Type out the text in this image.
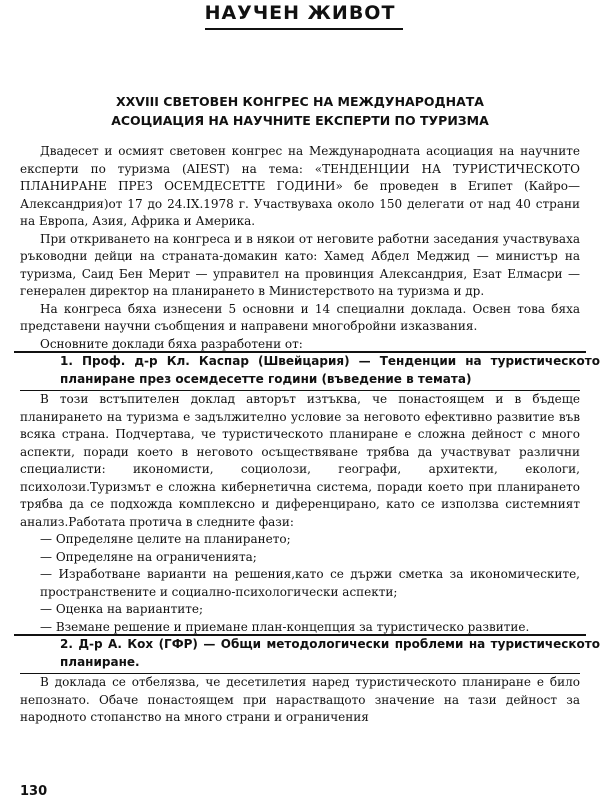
НАУЧЕН ЖИВОТ
XXVIII СВЕТОВЕН КОНГРЕС НА МЕЖДУНАРОДНАТА
АСОЦИАЦИЯ НА НАУЧНИТЕ ЕКСПЕРТИ ПО ТУРИЗМА

Двадесет и осмият световен конгрес на Международната асоциация на научните експерти по туризма (AIEST) на тема: «ТЕНДЕНЦИИ НА ТУРИСТИЧЕСКОТО ПЛАНИРАНЕ ПРЕЗ ОСЕМДЕСЕТТЕ ГОДИНИ» бе проведен в Египет (Кайро—Александрия)от 17 до 24.IX.1978 г. Участвуваха около 150 делегати от над 40 страни на Европа, Азия, Африка и Америка.

При откриването на конгреса и в някои от неговите работни заседания участвуваха ръководни дейци на страната-домакин като: Хамед Абдел Меджид — министър на туризма, Саид Бен Мерит — управител на провинция Александрия, Езат Елмасри — генерален директор на планирането в Министерството на туризма и др.

На конгреса бяха изнесени 5 основни и 14 специални доклада. Освен това бяха представени научни съобщения и направени многобройни изказвания.

Основните доклади бяха разработени от:

1. Проф. д-р Кл. Каспар (Швейцария) — Тенденции на туристическото планиране през осемдесетте години (въведение в темата)

В този встъпителен доклад авторът изтъква, че понастоящем и в бъдеще планирането на туризма е задължително условие за неговото ефективно развитие във всяка страна. Подчертава, че туристическото планиране е сложна дейност с много аспекти, поради което в неговото осъществяване трябва да участвуват различни специалисти: икономисти, социолози, географи, архитекти, екологи, психолози.Туризмът е сложна кибернетична система, поради което при планирането трябва да се подхожда комплексно и диференцирано, като се използва системният анализ.Работата протича в следните фази:

— Определяне целите на планирането;

— Определяне на ограниченията;

— Изработване варианти на решения,като се държи сметка за икономическите, пространствените и социално-психологически аспекти;

— Оценка на вариантите;

— Вземане решение и приемане план-концепция за туристическо развитие.

2. Д-р А. Кох (ГФР) — Общи методологически проблеми на туристическото планиране.

В доклада се отбелязва, че десетилетия наред туристическото планиране е било непознато. Обаче понастоящем при нарастващото значение на тази дейност за народното стопанство на много страни и ограничения

130
